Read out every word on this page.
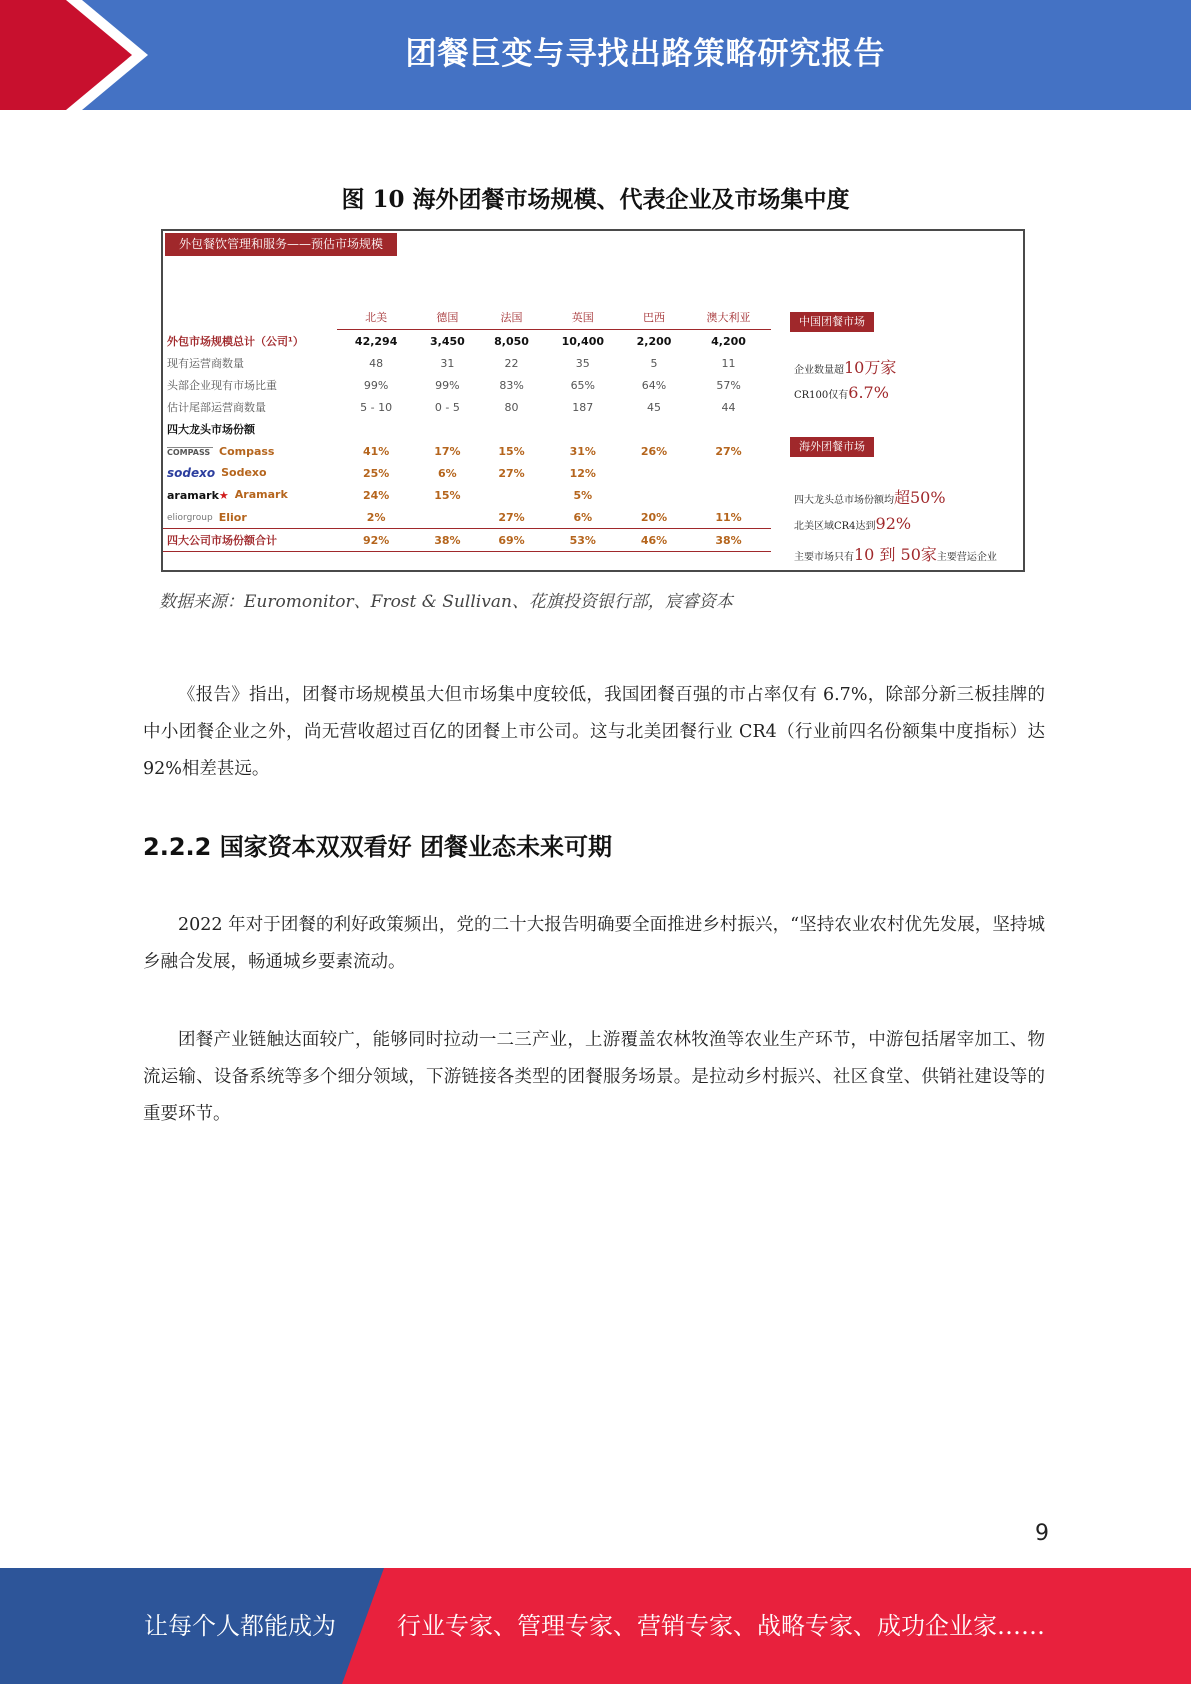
团餐巨变与寻找出路策略研究报告
图 10 海外团餐市场规模、代表企业及市场集中度
外包餐饮管理和服务——预估市场规模
	北美	德国	法国	英国	巴西	澳大利亚
外包市场规模总计（公司¹）	42,294	3,450	8,050	10,400	2,200	4,200
现有运营商数量	48	31	22	35	5	11
头部企业现有市场比重	99%	99%	83%	65%	64%	57%
估计尾部运营商数量	5 - 10	0 - 5	80	187	45	44
四大龙头市场份额						
COMPASS Compass	41%	17%	15%	31%	26%	27%
sodexo Sodexo	25%	6%	27%	12%		
aramark★ Aramark	24%	15%		5%		
eliorgroup Elior	2%		27%	6%	20%	11%
四大公司市场份额合计	92%	38%	69%	53%	46%	38%
中国团餐市场
企业数量超10万家
CR100仅有6.7%
海外团餐市场
四大龙头总市场份额均超50%
北美区域CR4达到92%
主要市场只有10 到 50家主要营运企业
数据来源：Euromonitor、Frost & Sullivan、花旗投资银行部，宸睿资本
《报告》指出，团餐市场规模虽大但市场集中度较低，我国团餐百强的市占率仅有 6.7%，除部分新三板挂牌的中小团餐企业之外，尚无营收超过百亿的团餐上市公司。这与北美团餐行业 CR4（行业前四名份额集中度指标）达 92%相差甚远。
2.2.2 国家资本双双看好 团餐业态未来可期
2022 年对于团餐的利好政策频出，党的二十大报告明确要全面推进乡村振兴，“坚持农业农村优先发展，坚持城乡融合发展，畅通城乡要素流动。
团餐产业链触达面较广，能够同时拉动一二三产业，上游覆盖农林牧渔等农业生产环节，中游包括屠宰加工、物流运输、设备系统等多个细分领域，下游链接各类型的团餐服务场景。是拉动乡村振兴、社区食堂、供销社建设等的重要环节。
9
让每个人都能成为	行业专家、管理专家、营销专家、战略专家、成功企业家……
